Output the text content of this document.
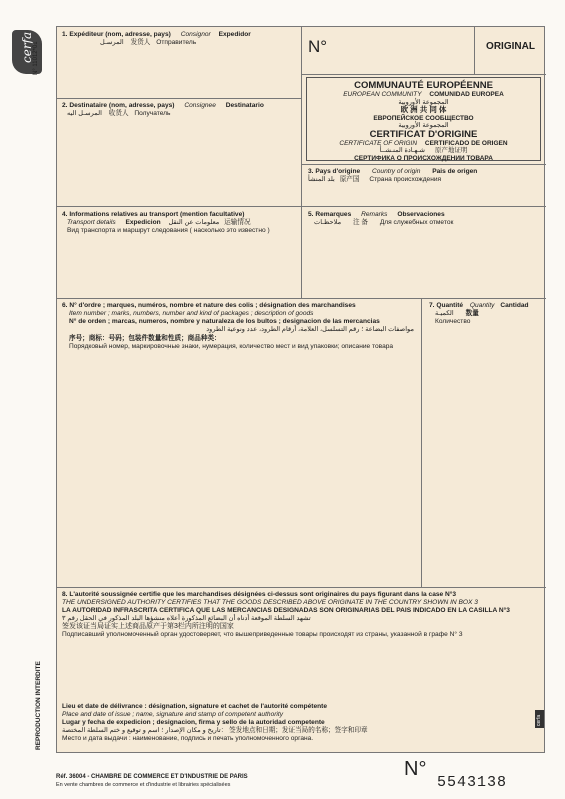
cerfa N° 11012*01
REPRODUCTION INTERDITE
1. Expéditeur (nom, adresse, pays) Consignor Expedidor
المرسـل 发货人 Отправитель	N°	ORIGINAL
COMMUNAUTÉ EUROPÉENNE
EUROPEAN COMMUNITY COMUNIDAD EUROPEA
المجموعة الأوروبية
欧 洲 共 同 体
ЕВРОПЕЙСКОЕ СООБЩЕСТВО
المجموعة الأوروبية
CERTIFICAT D'ORIGINE
CERTIFICATE OF ORIGIN CERTIFICADO DE ORIGEN
شـهـادة المنـشــأ 原产地证明
СЕРТИФИКА О ПРОИСХОЖДЕНИИ ТОВАРА
2. Destinataire (nom, adresse, pays) Consignee Destinatario
المرسـل اليه 收货人 Получатель
3. Pays d'origine Country of origin Pais de origen
بلد المنشأ 原产国 Страна происхождения
4. Informations relatives au transport (mention facultative)
Transport details Expedicion معلومات عن النقل 运输情况
Вид транспорта и маршрут следования ( насколько это известно )
5. Remarques Remarks Observaciones
ملاحظـات 注 备 Для служебных отметок
6. N° d'ordre ; marques, numéros, nombre et nature des colis ; désignation des marchandises
Item number ; marks, numbers, number and kind of packages ; description of goods
N° de orden ; marcas, numeros, nombre y naturaleza de los bultos ; designacion de las mercancias
مواصفات البضاعة ؛ رقم التسلسل، العلامة، أرقام الطرود، عدد ونوعية الطرود
序号；商标：号码；包装件数量和性质；商品种类：
Порядковый номер, маркировочные знаки, нумерация, количество мест и вид упаковки; описание товара
7. Quantité Quantity Cantidad
الكميـة 数量
Количество
8. L'autorité soussignée certifie que les marchandises désignées ci-dessus sont originaires du pays figurant dans la case N°3
THE UNDERSIGNED AUTHORITY CERTIFIES THAT THE GOODS DESCRIBED ABOVE ORIGINATE IN THE COUNTRY SHOWN IN BOX 3
LA AUTORIDAD INFRASCRITA CERTIFICA QUE LAS MERCANCIAS DESIGNADAS SON ORIGINARIAS DEL PAIS INDICADO EN LA CASILLA N°3
تشهد السلطة الموقعة أدناه أن البضائع المذكورة أعلاه منشؤها البلد المذكور في الحقل رقم ٣
签发该证当局证实上述商品原产于第3栏内所注明的国家
Подписавший уполномоченный орган удостоверяет, что вышеприведенные товары происходят из страны, указанной в графе N° 3
Lieu et date de délivrance : désignation, signature et cachet de l'autorité compétente
Place and date of issue ; name, signature and stamp of competent authority
Lugar y fecha de expedicion ; designacion, firma y sello de la autoridad competente
تاريخ و مكان الإصدار ؛ اسم و توقيع و ختم السلطة المختصة： 签发地点和日期；发证当局的名称；签字和印章
Место и дата выдачи : наименование, подпись и печать уполномоченного органа.
cerfa
Réf. 36004 - CHAMBRE DE COMMERCE ET D'INDUSTRIE DE PARIS
En vente chambres de commerce et d'industrie et librairies spécialisées
N°
5543138
